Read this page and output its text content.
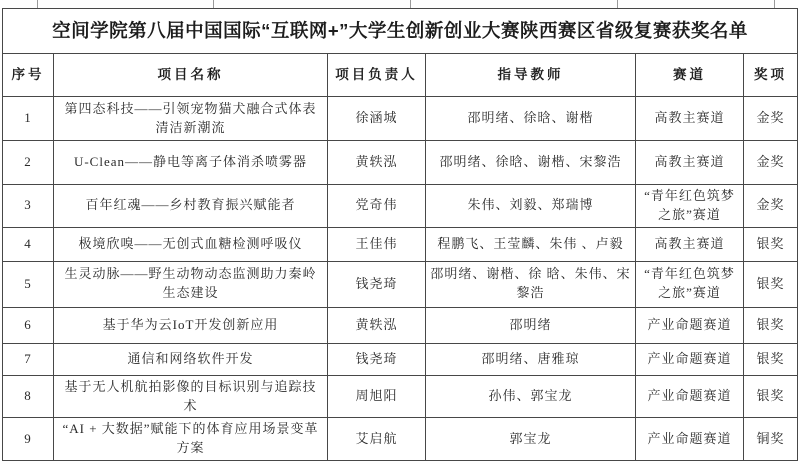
空间学院第八届中国国际“互联网+”大学生创新创业大赛陕西赛区省级复赛获奖名单					
序号	项目名称	项目负责人	指导教师	赛道	奖项
1	第四态科技——引领宠物猫犬融合式体表清洁新潮流	徐涵城	邵明绪、徐晗、谢楷	高教主赛道	金奖
2	U-Clean——静电等离子体消杀喷雾器	黄轶泓	邵明绪、徐晗、谢楷、宋黎浩	高教主赛道	金奖
3	百年红魂——乡村教育振兴赋能者	党奇伟	朱伟、刘毅、郑瑞博	“青年红色筑梦之旅”赛道	金奖
4	极境欣嗅——无创式血糖检测呼吸仪	王佳伟	程鹏飞、王莹麟、朱伟 、卢毅	高教主赛道	银奖
5	生灵动脉——野生动物动态监测助力秦岭生态建设	钱尧琦	邵明绪、谢楷、徐 晗、朱伟、宋黎浩	“青年红色筑梦之旅”赛道	银奖
6	基于华为云IoT开发创新应用	黄轶泓	邵明绪	产业命题赛道	银奖
7	通信和网络软件开发	钱尧琦	邵明绪、唐雅琼	产业命题赛道	银奖
8	基于无人机航拍影像的目标识别与追踪技术	周旭阳	孙伟、郭宝龙	产业命题赛道	银奖
9	“AI + 大数据”赋能下的体育应用场景变革方案	艾启航	郭宝龙	产业命题赛道	铜奖
